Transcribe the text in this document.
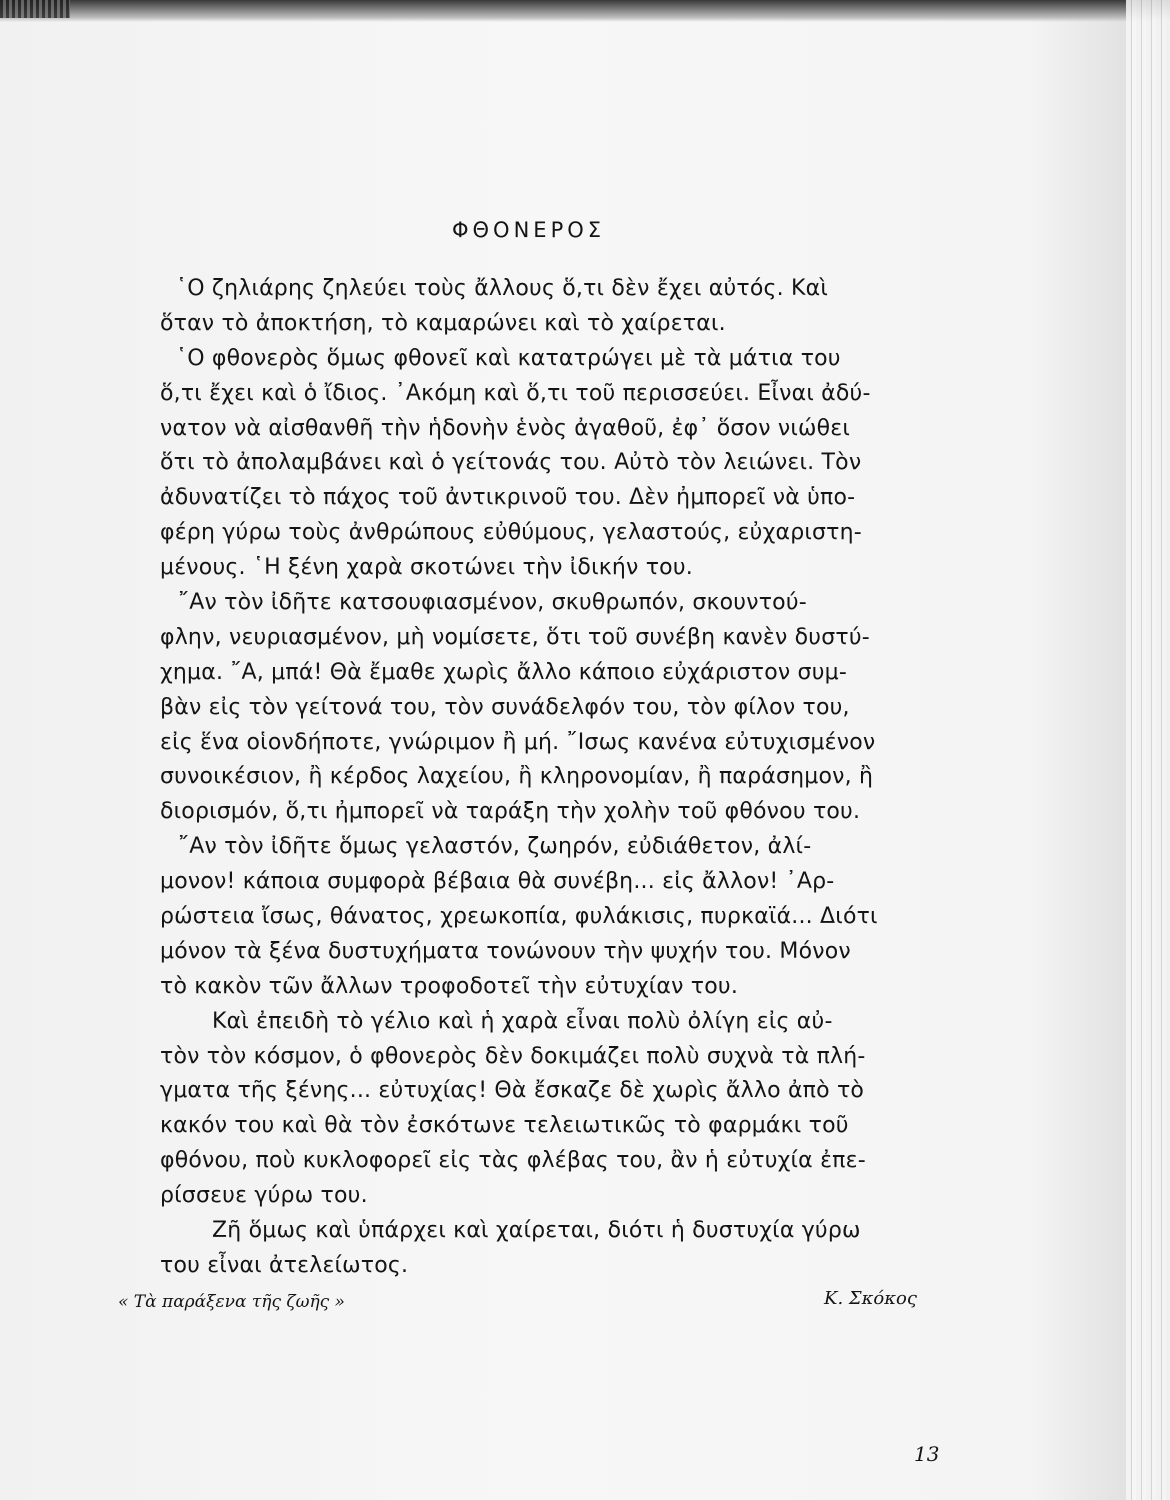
ΦΘΟΝΕΡΟΣ

῾Ο ζηλιάρης ζηλεύει τοὺς ἄλλους ὅ,τι δὲν ἔχει αὐτός. Καὶ
ὅταν τὸ ἀποκτήση, τὸ καμαρώνει καὶ τὸ χαίρεται.

῾Ο φθονερὸς ὅμως φθονεῖ καὶ κατατρώγει μὲ τὰ μάτια του
ὅ,τι ἔχει καὶ ὁ ἴδιος. ᾿Ακόμη καὶ ὅ,τι τοῦ περισσεύει. Εἶναι ἀδύ-
νατον νὰ αἰσθανθῆ τὴν ἡδονὴν ἑνὸς ἀγαθοῦ, ἐφ᾿ ὅσον νιώθει
ὅτι τὸ ἀπολαμβάνει καὶ ὁ γείτονάς του. Αὐτὸ τὸν λειώνει. Τὸν
ἀδυνατίζει τὸ πάχος τοῦ ἀντικρινοῦ του. Δὲν ἠμπορεῖ νὰ ὑπο-
φέρη γύρω τοὺς ἀνθρώπους εὐθύμους, γελαστούς, εὐχαριστη-
μένους. ῾Η ξένη χαρὰ σκοτώνει τὴν ἰδικήν του.

῎Αν τὸν ἰδῆτε κατσουφιασμένον, σκυθρωπόν, σκουντού-
φλην, νευριασμένον, μὴ νομίσετε, ὅτι τοῦ συνέβη κανὲν δυστύ-
χημα. ῎Α, μπά! Θὰ ἔμαθε χωρὶς ἄλλο κάποιο εὐχάριστον συμ-
βὰν εἰς τὸν γείτονά του, τὸν συνάδελφόν του, τὸν φίλον του,
εἰς ἕνα οἱονδήποτε, γνώριμον ἢ μή. ῎Ισως κανένα εὐτυχισμένον
συνοικέσιον, ἢ κέρδος λαχείου, ἢ κληρονομίαν, ἢ παράσημον, ἢ
διορισμόν, ὅ,τι ἠμπορεῖ νὰ ταράξη τὴν χολὴν τοῦ φθόνου του.

῎Αν τὸν ἰδῆτε ὅμως γελαστόν, ζωηρόν, εὐδιάθετον, ἀλί-
μονον! κάποια συμφορὰ βέβαια θὰ συνέβη... εἰς ἄλλον! ᾿Αρ-
ρώστεια ἴσως, θάνατος, χρεωκοπία, φυλάκισις, πυρκαϊά... Διότι
μόνον τὰ ξένα δυστυχήματα τονώνουν τὴν ψυχήν του. Μόνον
τὸ κακὸν τῶν ἄλλων τροφοδοτεῖ τὴν εὐτυχίαν του.

Καὶ ἐπειδὴ τὸ γέλιο καὶ ἡ χαρὰ εἶναι πολὺ ὀλίγη εἰς αὐ-
τὸν τὸν κόσμον, ὁ φθονερὸς δὲν δοκιμάζει πολὺ συχνὰ τὰ πλή-
γματα τῆς ξένης... εὐτυχίας! Θὰ ἔσκαζε δὲ χωρὶς ἄλλο ἀπὸ τὸ
κακόν του καὶ θὰ τὸν ἐσκότωνε τελειωτικῶς τὸ φαρμάκι τοῦ
φθόνου, ποὺ κυκλοφορεῖ εἰς τὰς φλέβας του, ἂν ἡ εὐτυχία ἐπε-
ρίσσευε γύρω του.

Ζῆ ὅμως καὶ ὑπάρχει καὶ χαίρεται, διότι ἡ δυστυχία γύρω
του εἶναι ἀτελείωτος.

« Τὰ παράξενα τῆς ζωῆς »	Κ. Σκόκος
13
